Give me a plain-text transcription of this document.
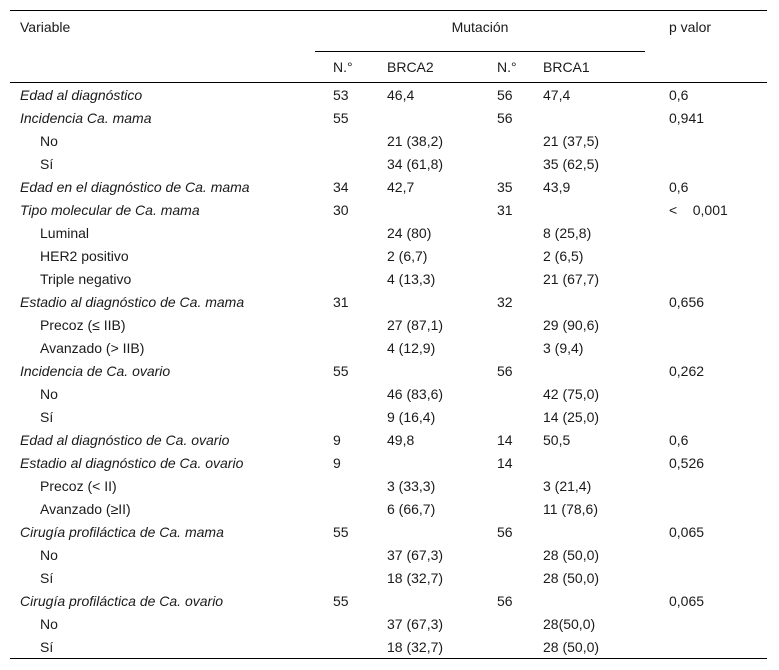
Variable	Mutación				p valor
	N.°	BRCA2	N.°	BRCA1	
Edad al diagnóstico	53	46,4	56	47,4	0,6
Incidencia Ca. mama	55		56		0,941
No		21 (38,2)		21 (37,5)	
Sí		34 (61,8)		35 (62,5)	
Edad en el diagnóstico de Ca. mama	34	42,7	35	43,9	0,6
Tipo molecular de Ca. mama	30		31		<    0,001
Luminal		24 (80)		8 (25,8)	
HER2 positivo		2 (6,7)		2 (6,5)	
Triple negativo		4 (13,3)		21 (67,7)	
Estadio al diagnóstico de Ca. mama	31		32		0,656
Precoz (≤ IIB)		27 (87,1)		29 (90,6)	
Avanzado (> IIB)		4 (12,9)		3 (9,4)	
Incidencia de Ca. ovario	55		56		0,262
No		46 (83,6)		42 (75,0)	
Sí		9 (16,4)		14 (25,0)	
Edad al diagnóstico de Ca. ovario	9	49,8	14	50,5	0,6
Estadio al diagnóstico de Ca. ovario	9		14		0,526
Precoz (< II)		3 (33,3)		3 (21,4)	
Avanzado (≥II)		6 (66,7)		11 (78,6)	
Cirugía profiláctica de Ca. mama	55		56		0,065
No		37 (67,3)		28 (50,0)	
Sí		18 (32,7)		28 (50,0)	
Cirugía profiláctica de Ca. ovario	55		56		0,065
No		37 (67,3)		28(50,0)	
Sí		18 (32,7)		28 (50,0)	
